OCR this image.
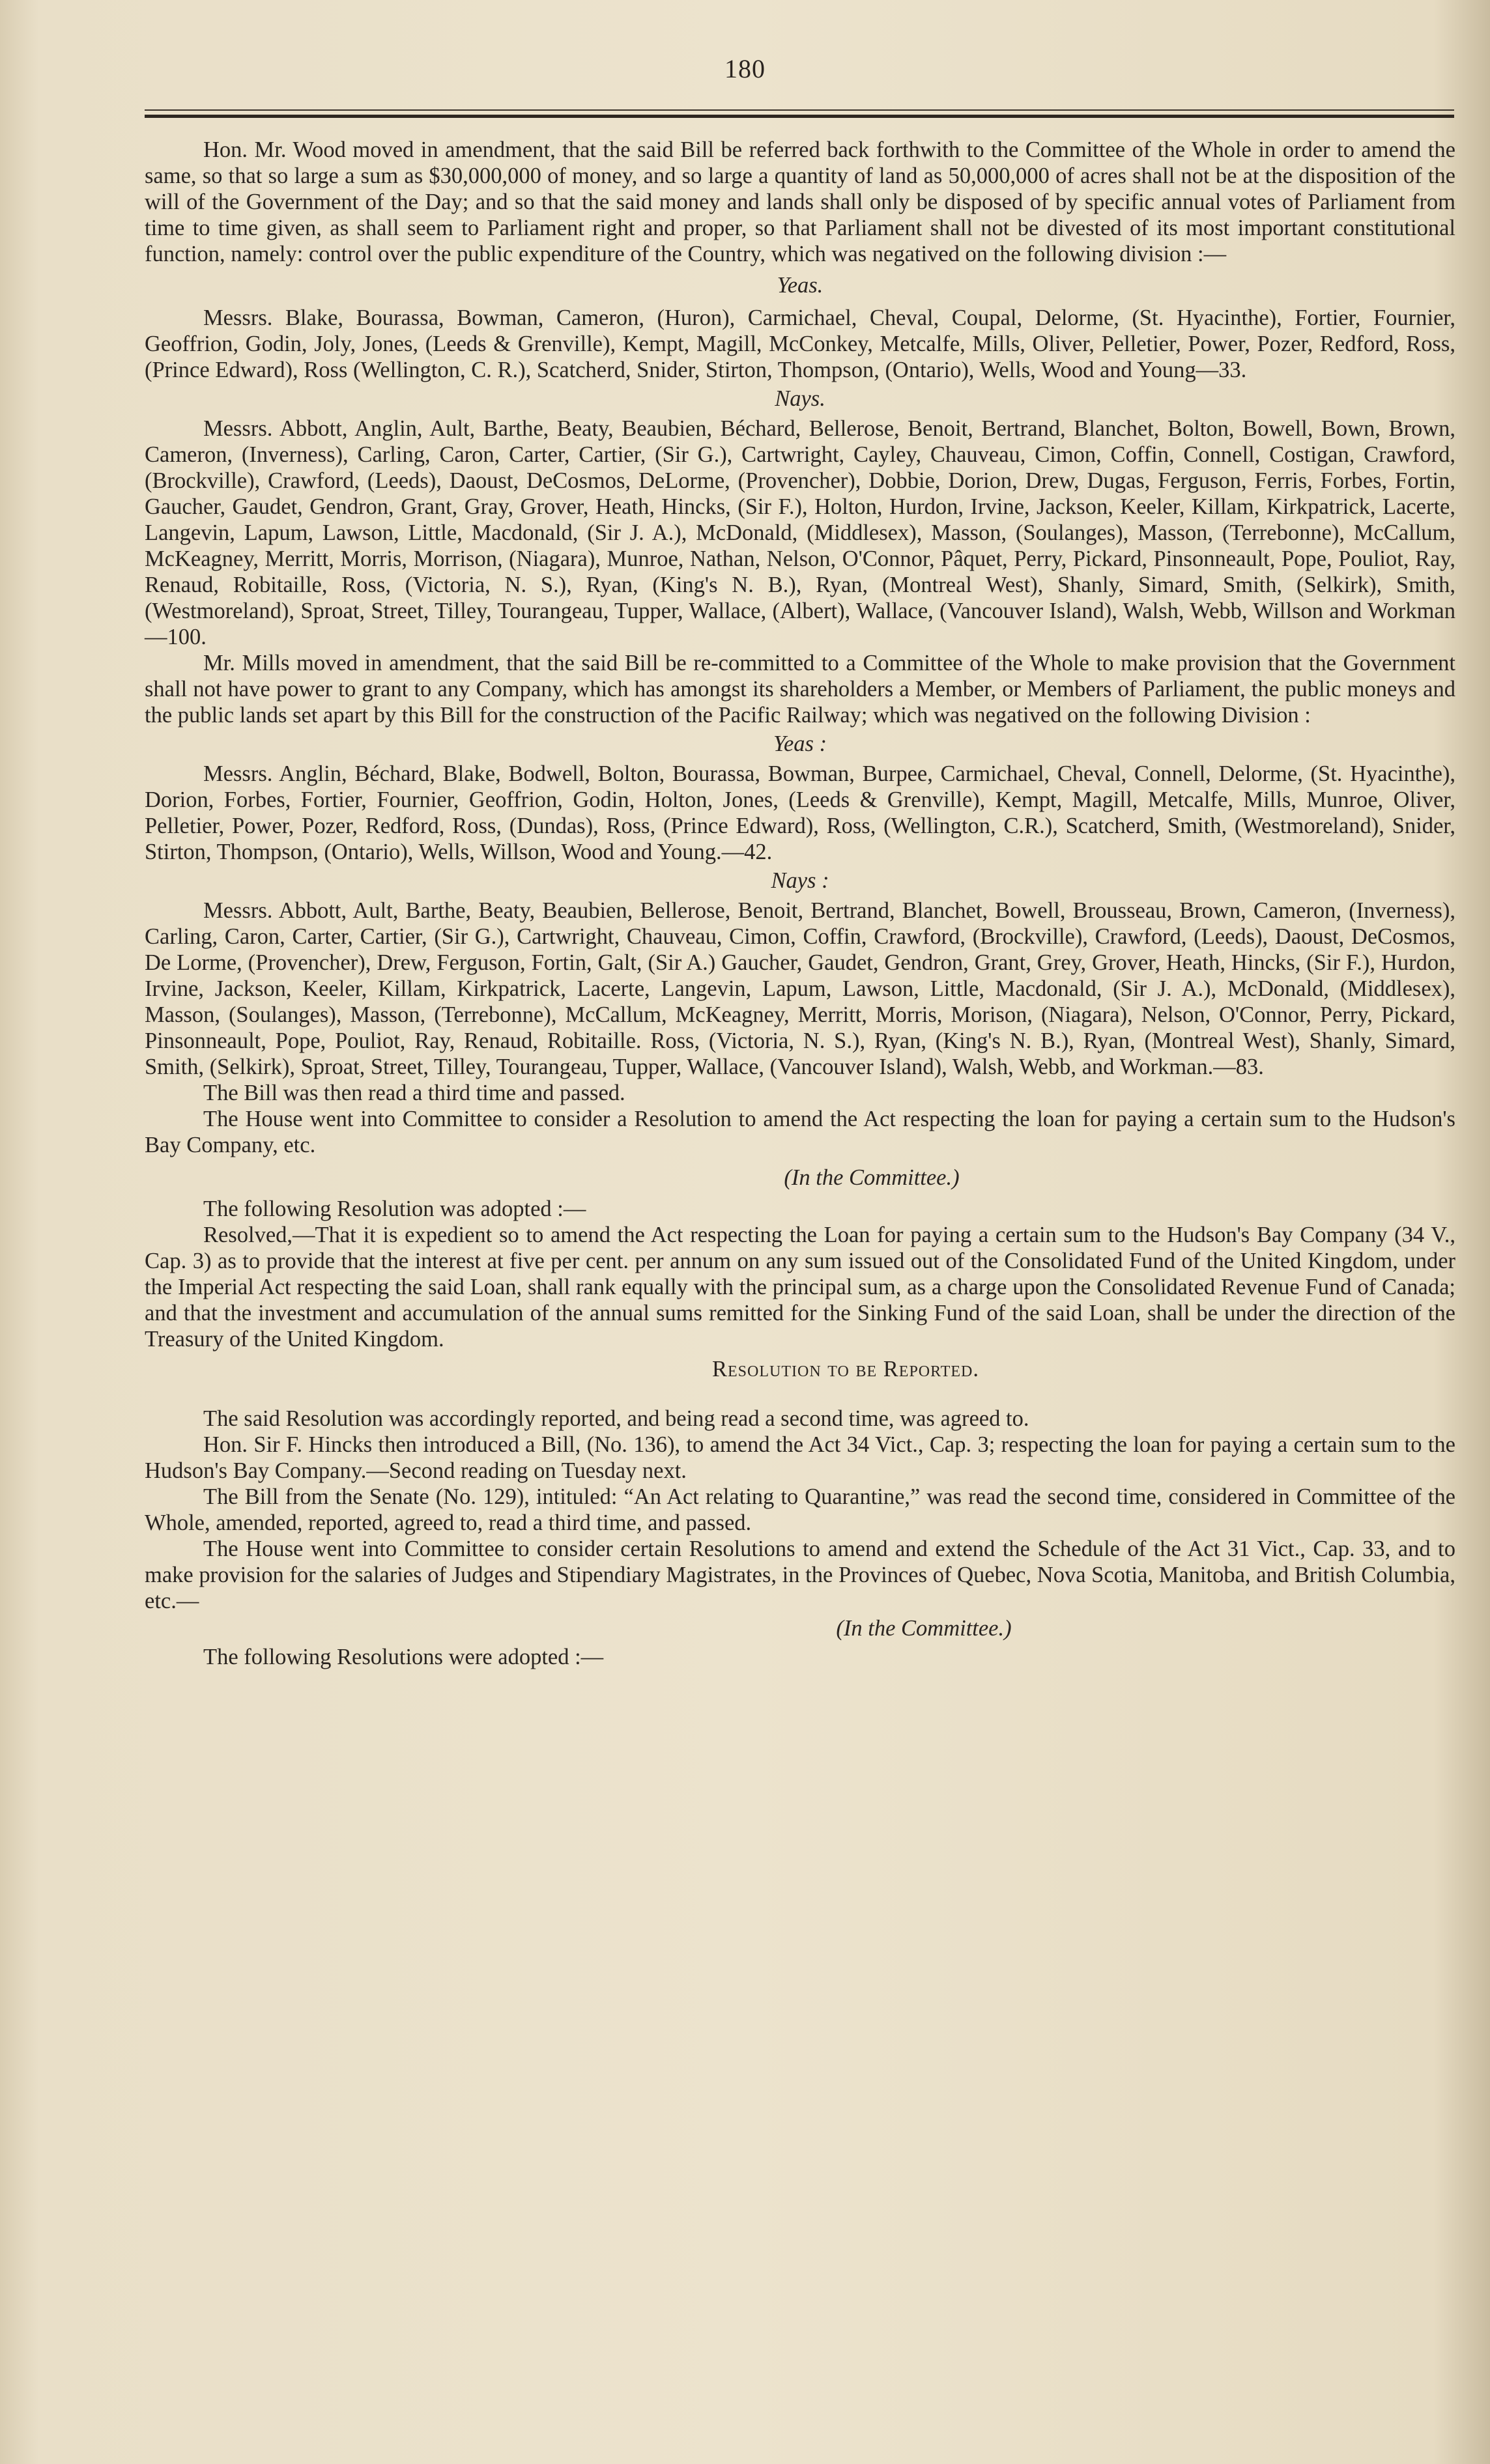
180

Hon. Mr. Wood moved in amendment, that the said Bill be referred back forthwith to the Committee of the Whole in order to amend the same, so that so large a sum as $30,000,000 of money, and so large a quantity of land as 50,000,000 of acres shall not be at the disposition of the will of the Government of the Day; and so that the said money and lands shall only be disposed of by specific annual votes of Parliament from time to time given, as shall seem to Parliament right and proper, so that Parliament shall not be divested of its most important constitutional function, namely: control over the public expenditure of the Country, which was negatived on the following division :—

Yeas.

Messrs. Blake, Bourassa, Bowman, Cameron, (Huron), Carmichael, Cheval, Coupal, Delorme, (St. Hyacinthe), Fortier, Fournier, Geoffrion, Godin, Joly, Jones, (Leeds & Grenville), Kempt, Magill, McConkey, Metcalfe, Mills, Oliver, Pelletier, Power, Pozer, Redford, Ross, (Prince Edward), Ross (Wellington, C. R.), Scatcherd, Snider, Stirton, Thompson, (Ontario), Wells, Wood and Young—33.

Nays.

Messrs. Abbott, Anglin, Ault, Barthe, Beaty, Beaubien, Béchard, Bellerose, Benoit, Bertrand, Blanchet, Bolton, Bowell, Bown, Brown, Cameron, (Inverness), Carling, Caron, Carter, Cartier, (Sir G.), Cartwright, Cayley, Chauveau, Cimon, Coffin, Connell, Costigan, Crawford, (Brockville), Crawford, (Leeds), Daoust, DeCosmos, DeLorme, (Provencher), Dobbie, Dorion, Drew, Dugas, Ferguson, Ferris, Forbes, Fortin, Gaucher, Gaudet, Gendron, Grant, Gray, Grover, Heath, Hincks, (Sir F.), Holton, Hurdon, Irvine, Jackson, Keeler, Killam, Kirkpatrick, Lacerte, Langevin, Lapum, Lawson, Little, Macdonald, (Sir J. A.), McDonald, (Middlesex), Masson, (Soulanges), Masson, (Terrebonne), McCallum, McKeagney, Merritt, Morris, Morrison, (Niagara), Munroe, Nathan, Nelson, O'Connor, Pâquet, Perry, Pickard, Pinsonneault, Pope, Pouliot, Ray, Renaud, Robitaille, Ross, (Victoria, N. S.), Ryan, (King's N. B.), Ryan, (Montreal West), Shanly, Simard, Smith, (Selkirk), Smith, (Westmoreland), Sproat, Street, Tilley, Tourangeau, Tupper, Wallace, (Albert), Wallace, (Vancouver Island), Walsh, Webb, Willson and Workman—100.

Mr. Mills moved in amendment, that the said Bill be re-committed to a Committee of the Whole to make provision that the Government shall not have power to grant to any Company, which has amongst its shareholders a Member, or Members of Parliament, the public moneys and the public lands set apart by this Bill for the construction of the Pacific Railway; which was negatived on the following Division :

Yeas :

Messrs. Anglin, Béchard, Blake, Bodwell, Bolton, Bourassa, Bowman, Burpee, Carmichael, Cheval, Connell, Delorme, (St. Hyacinthe), Dorion, Forbes, Fortier, Fournier, Geoffrion, Godin, Holton, Jones, (Leeds & Grenville), Kempt, Magill, Metcalfe, Mills, Munroe, Oliver, Pelletier, Power, Pozer, Redford, Ross, (Dundas), Ross, (Prince Edward), Ross, (Wellington, C.R.), Scatcherd, Smith, (Westmoreland), Snider, Stirton, Thompson, (Ontario), Wells, Willson, Wood and Young.—42.

Nays :

Messrs. Abbott, Ault, Barthe, Beaty, Beaubien, Bellerose, Benoit, Bertrand, Blanchet, Bowell, Brousseau, Brown, Cameron, (Inverness), Carling, Caron, Carter, Cartier, (Sir G.), Cartwright, Chauveau, Cimon, Coffin, Crawford, (Brockville), Crawford, (Leeds), Daoust, DeCosmos, De Lorme, (Provencher), Drew, Ferguson, Fortin, Galt, (Sir A.) Gaucher, Gaudet, Gendron, Grant, Grey, Grover, Heath, Hincks, (Sir F.), Hurdon, Irvine, Jackson, Keeler, Killam, Kirkpatrick, Lacerte, Langevin, Lapum, Lawson, Little, Macdonald, (Sir J. A.), McDonald, (Middlesex), Masson, (Soulanges), Masson, (Terrebonne), McCallum, McKeagney, Merritt, Morris, Morison, (Niagara), Nelson, O'Connor, Perry, Pickard, Pinsonneault, Pope, Pouliot, Ray, Renaud, Robitaille. Ross, (Victoria, N. S.), Ryan, (King's N. B.), Ryan, (Montreal West), Shanly, Simard, Smith, (Selkirk), Sproat, Street, Tilley, Tourangeau, Tupper, Wallace, (Vancouver Island), Walsh, Webb, and Workman.—83.

The Bill was then read a third time and passed.

The House went into Committee to consider a Resolution to amend the Act respecting the loan for paying a certain sum to the Hudson's Bay Company, etc.

(In the Committee.)

The following Resolution was adopted :—

Resolved,—That it is expedient so to amend the Act respecting the Loan for paying a certain sum to the Hudson's Bay Company (34 V., Cap. 3) as to provide that the interest at five per cent. per annum on any sum issued out of the Consolidated Fund of the United Kingdom, under the Imperial Act respecting the said Loan, shall rank equally with the principal sum, as a charge upon the Consolidated Revenue Fund of Canada; and that the investment and accumulation of the annual sums remitted for the Sinking Fund of the said Loan, shall be under the direction of the Treasury of the United Kingdom.

Resolution to be Reported.

The said Resolution was accordingly reported, and being read a second time, was agreed to.

Hon. Sir F. Hincks then introduced a Bill, (No. 136), to amend the Act 34 Vict., Cap. 3; respecting the loan for paying a certain sum to the Hudson's Bay Company.—Second reading on Tuesday next.

The Bill from the Senate (No. 129), intituled: “An Act relating to Quarantine,” was read the second time, considered in Committee of the Whole, amended, reported, agreed to, read a third time, and passed.

The House went into Committee to consider certain Resolutions to amend and extend the Schedule of the Act 31 Vict., Cap. 33, and to make provision for the salaries of Judges and Stipendiary Magistrates, in the Provinces of Quebec, Nova Scotia, Manitoba, and British Columbia, etc.—

(In the Committee.)

The following Resolutions were adopted :—
